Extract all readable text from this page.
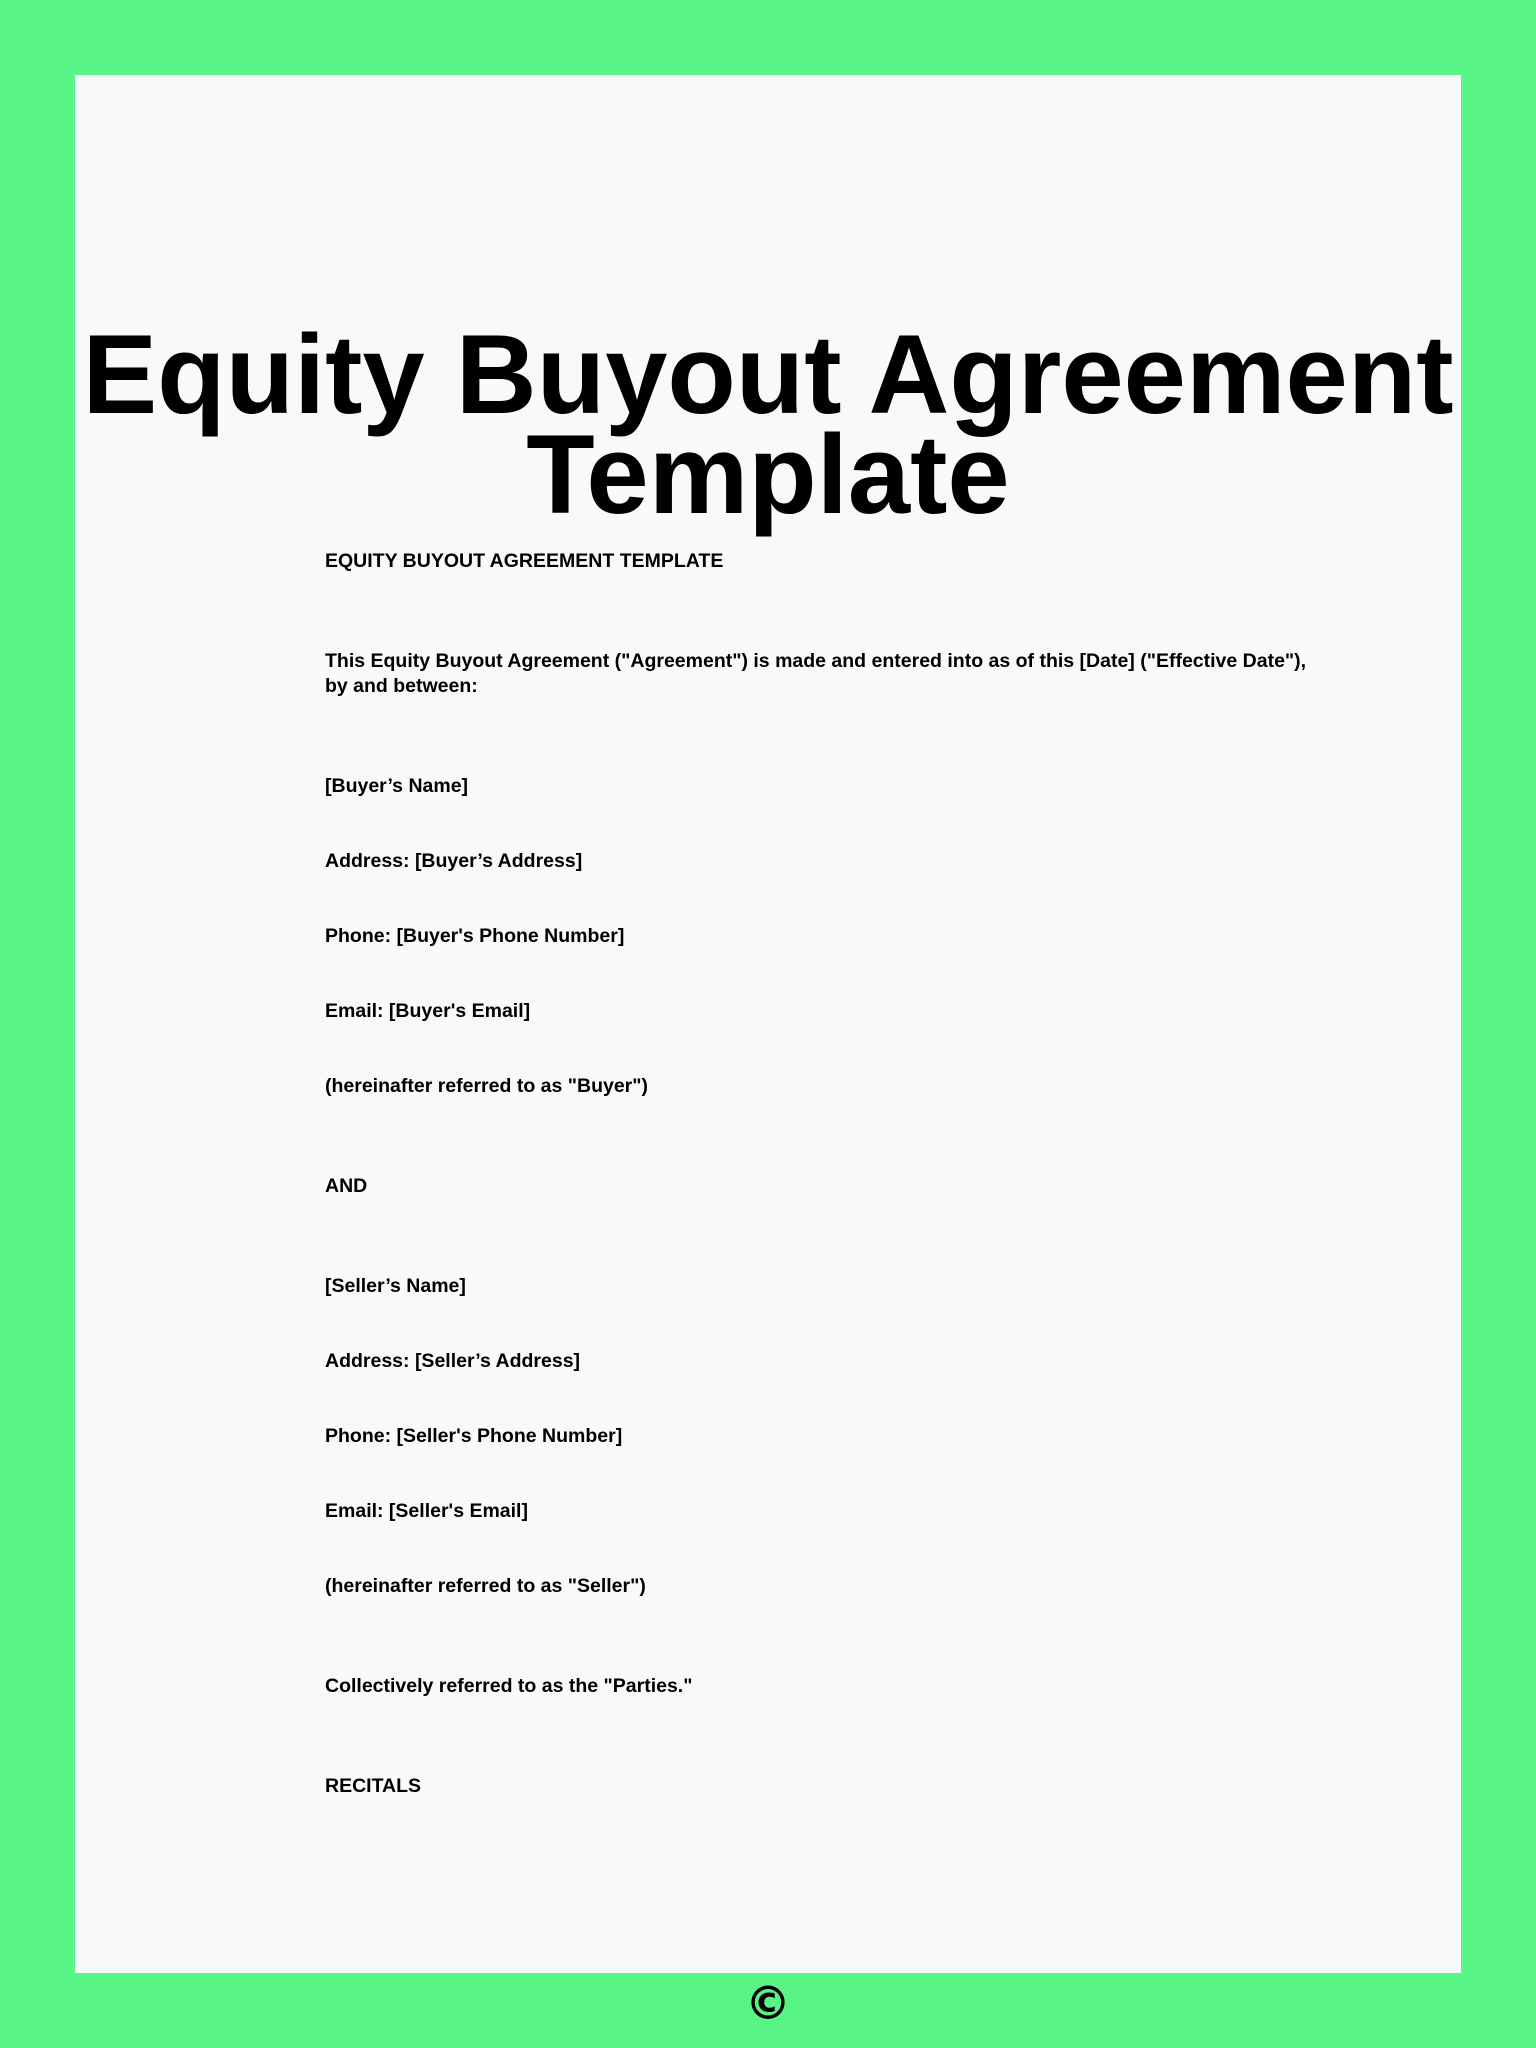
Equity Buyout Agreement
Template

EQUITY BUYOUT AGREEMENT TEMPLATE

This Equity Buyout Agreement ("Agreement") is made and entered into as of this [Date] ("Effective Date"),

by and between:

[Buyer’s Name]

Address: [Buyer’s Address]

Phone: [Buyer's Phone Number]

Email: [Buyer's Email]

(hereinafter referred to as "Buyer")

AND

[Seller’s Name]

Address: [Seller’s Address]

Phone: [Seller's Phone Number]

Email: [Seller's Email]

(hereinafter referred to as "Seller")

Collectively referred to as the "Parties."

RECITALS

©
